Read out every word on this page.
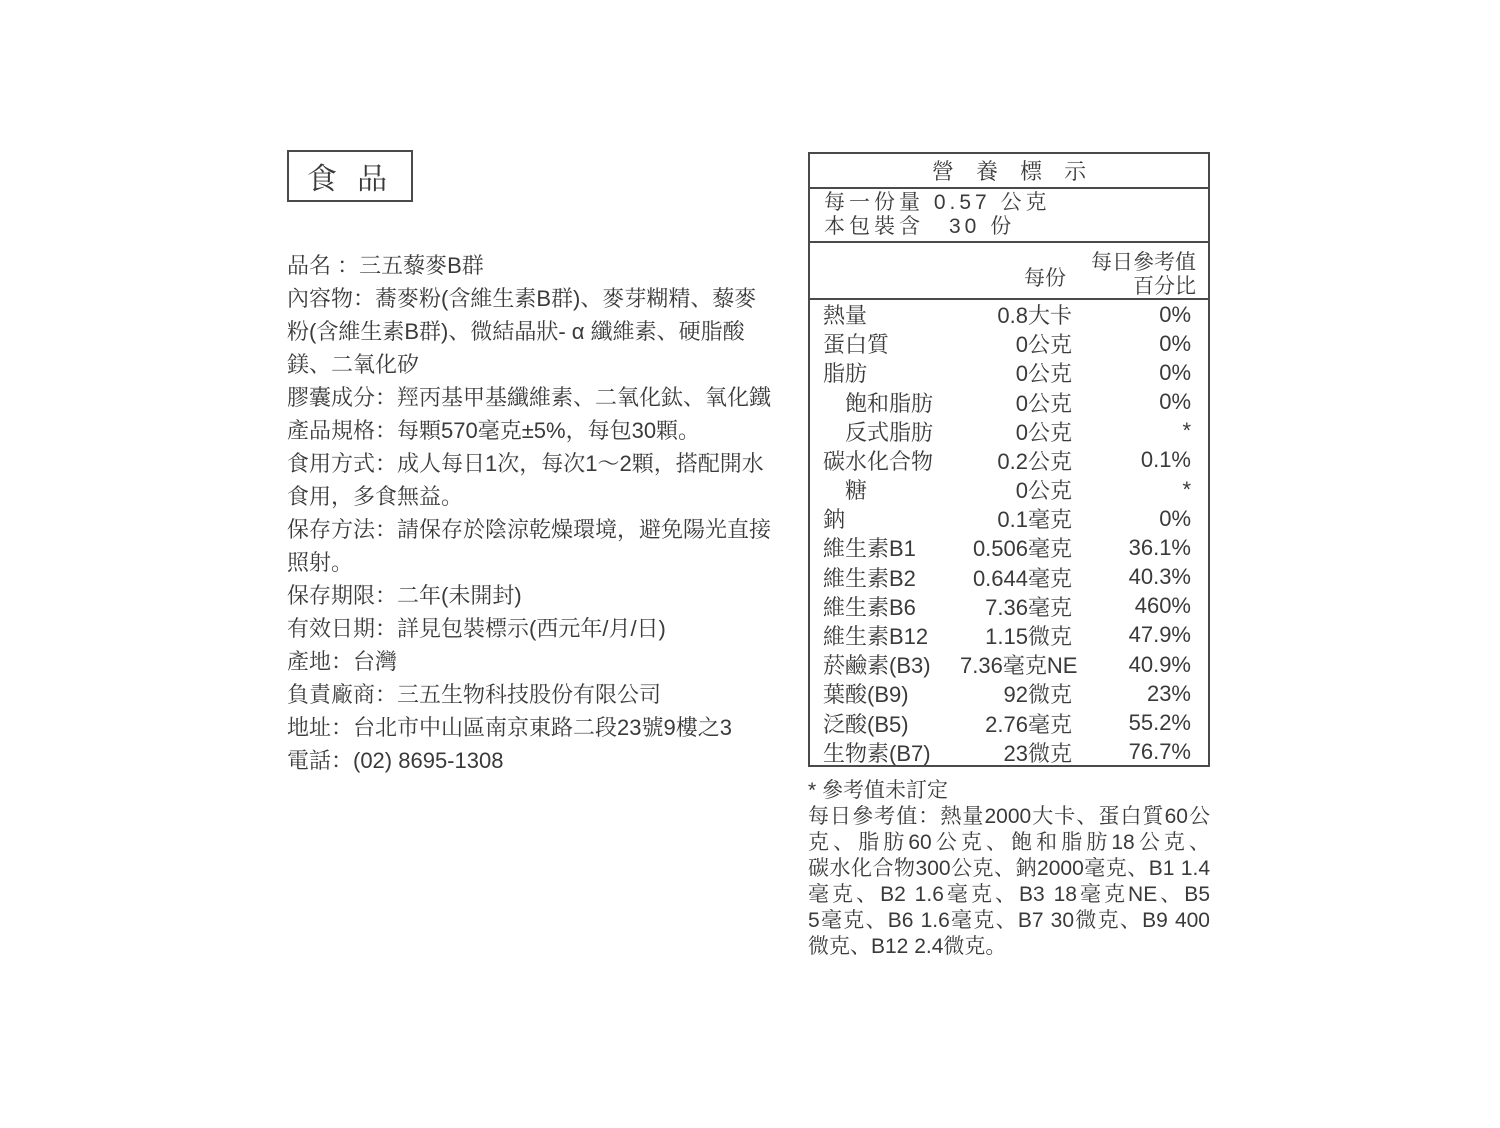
食 品
品名 ：三五藜麥B群
內容物：蕎麥粉(含維生素B群)、麥芽糊精、藜麥
粉(含維生素B群)、微結晶狀- α 纖維素、硬脂酸
鎂、二氧化矽
膠囊成分：羥丙基甲基纖維素、二氧化鈦、氧化鐵
產品規格：每顆570毫克±5%，每包30顆。
食用方式：成人每日1次，每次1～2顆，搭配開水
食用，多食無益。
保存方法：請保存於陰涼乾燥環境，避免陽光直接
照射。
保存期限：二年(未開封)
有效日期：詳見包裝標示(西元年/月/日)
產地：台灣
負責廠商：三五生物科技股份有限公司
地址：台北市中山區南京東路二段23號9樓之3
電話：(02) 8695-1308
營 養 標 示
每一份量 0.57 公克
本包裝含　30 份
每份
每日參考值
百分比
熱量	0.8大卡	0%
蛋白質	0公克	0%
脂肪	0公克	0%
飽和脂肪	0公克	0%
反式脂肪	0公克	*
碳水化合物	0.2公克	0.1%
糖	0公克	*
鈉	0.1毫克	0%
維生素B1	0.506毫克	36.1%
維生素B2	0.644毫克	40.3%
維生素B6	7.36毫克	460%
維生素B12	1.15微克	47.9%
菸鹼素(B3)	7.36毫克NE	40.9%
葉酸(B9)	92微克	23%
泛酸(B5)	2.76毫克	55.2%
生物素(B7)	23微克	76.7%
* 參考值未訂定
每日參考值：熱量2000大卡、蛋白質60公
克、脂肪60公克、飽和脂肪18公克、
碳水化合物300公克、鈉2000毫克、B1 1.4
毫克、B2 1.6毫克、B3 18毫克NE、B5
5毫克、B6 1.6毫克、B7 30微克、B9 400
微克、B12 2.4微克。
